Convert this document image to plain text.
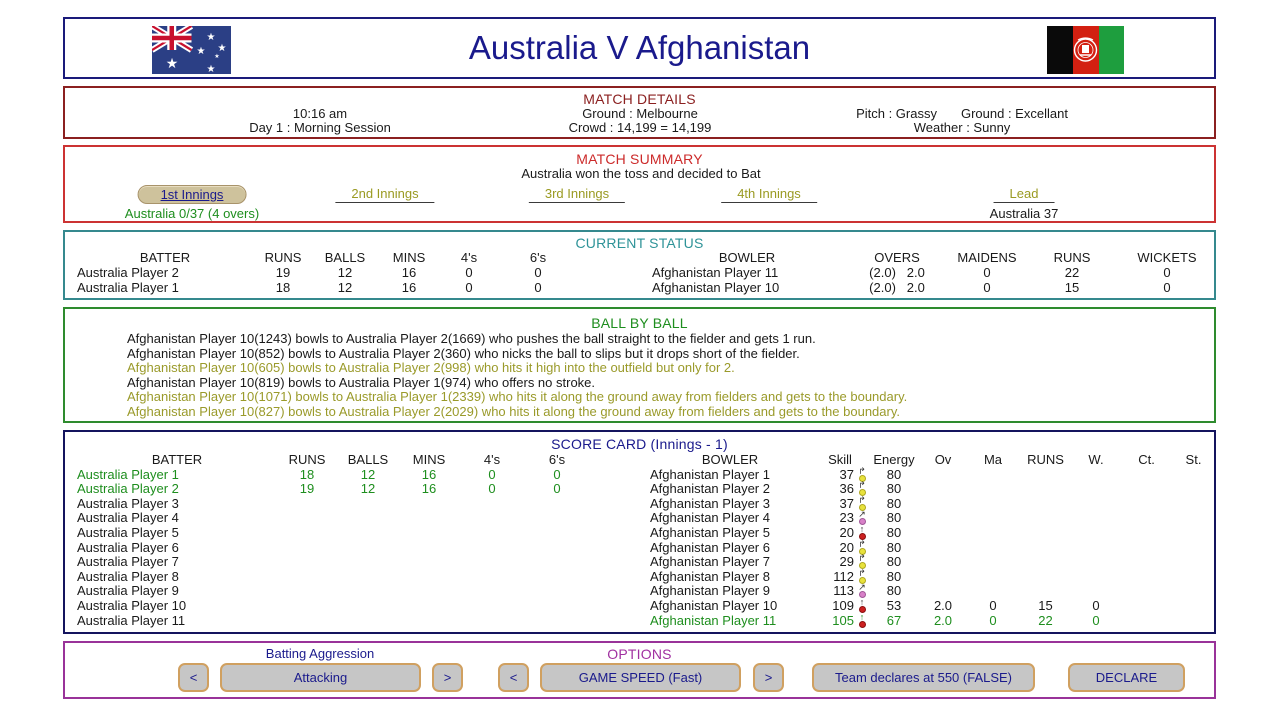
★
★
★
★
★ ★	Australia V Afghanistan
MATCH DETAILS
10:16 am
Day 1 : Morning Session
Ground : Melbourne
Crowd : 14,199 = 14,199
Pitch : Grassy Ground : Excellant
Weather : Sunny
MATCH SUMMARY
Australia won the toss and decided to Bat
1st Innings	2nd Innings	3rd Innings	4th Innings	Lead
Australia 0/37 (4 overs)	Australia 37
CURRENT STATUS
BATTER	RUNS	BALLS	MINS	4's	6's
Australia Player 2	19	12	16	0	0
Australia Player 1	18	12	16	0	0
BOWLER	OVERS	MAIDENS	RUNS	WICKETS
Afghanistan Player 11	(2.0)   2.0	0	22	0
Afghanistan Player 10	(2.0)   2.0	0	15	0
BALL BY BALL
Afghanistan Player 10(1243) bowls to Australia Player 2(1669) who pushes the ball straight to the fielder and gets 1 run.
Afghanistan Player 10(852) bowls to Australia Player 2(360) who nicks the ball to slips but it drops short of the fielder.
Afghanistan Player 10(605) bowls to Australia Player 2(998) who hits it high into the outfield but only for 2.
Afghanistan Player 10(819) bowls to Australia Player 1(974) who offers no stroke.
Afghanistan Player 10(1071) bowls to Australia Player 1(2339) who hits it along the ground away from fielders and gets to the boundary.
Afghanistan Player 10(827) bowls to Australia Player 2(2029) who hits it along the ground away from fielders and gets to the boundary.
SCORE CARD (Innings - 1)
BATTER	RUNS	BALLS	MINS	4's	6's
Australia Player 1	18	12	16	0	0
Australia Player 2	19	12	16	0	0
Australia Player 3
Australia Player 4
Australia Player 5
Australia Player 6
Australia Player 7
Australia Player 8
Australia Player 9
Australia Player 10
Australia Player 11
BOWLER	Skill	Energy	Ov	Ma	RUNS	W.	Ct.	St.
Afghanistan Player 1	37 ↱	80
Afghanistan Player 2	36 ↱	80
Afghanistan Player 3	37 ↱	80
Afghanistan Player 4	23 ↗	80
Afghanistan Player 5	20 ↑	80
Afghanistan Player 6	20 ↱	80
Afghanistan Player 7	29 ↱	80
Afghanistan Player 8	112 ↱	80
Afghanistan Player 9	113 ↗	80
Afghanistan Player 10	109 ↑	53	2.0	0	15	0
Afghanistan Player 11	105 ↑	67	2.0	0	22	0
Batting Aggression	OPTIONS
<	Attacking	>	<	GAME SPEED (Fast)	>	Team declares at 550 (FALSE)	DECLARE
